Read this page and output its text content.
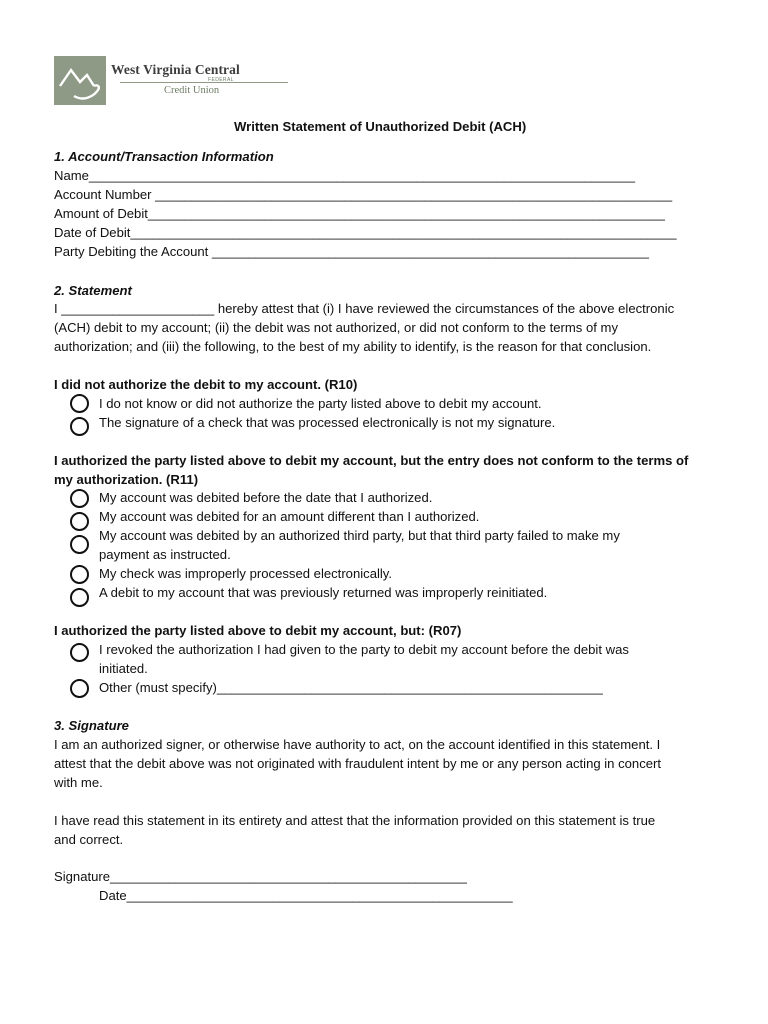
West Virginia Central
FEDERAL
Credit Union
Written Statement of Unauthorized Debit (ACH)
1. Account/Transaction Information
Name___________________________________________________________________________
Account Number _______________________________________________________________________
Amount of Debit_______________________________________________________________________
Date of Debit___________________________________________________________________________
Party Debiting the Account ____________________________________________________________
2. Statement
I _____________________ hereby attest that (i) I have reviewed the circumstances of the above electronic
(ACH) debit to my account; (ii) the debit was not authorized, or did not conform to the terms of my
authorization; and (iii) the following, to the best of my ability to identify, is the reason for that conclusion.
I did not authorize the debit to my account. (R10)
I do not know or did not authorize the party listed above to debit my account.
The signature of a check that was processed electronically is not my signature.
I authorized the party listed above to debit my account, but the entry does not conform to the terms of
my authorization. (R11)
My account was debited before the date that I authorized.
My account was debited for an amount different than I authorized.
My account was debited by an authorized third party, but that third party failed to make my
payment as instructed.
My check was improperly processed electronically.
A debit to my account that was previously returned was improperly reinitiated.
I authorized the party listed above to debit my account, but: (R07)
I revoked the authorization I had given to the party to debit my account before the debit was
initiated.
Other (must specify)_____________________________________________________
3. Signature
I am an authorized signer, or otherwise have authority to act, on the account identified in this statement. I
attest that the debit above was not originated with fraudulent intent by me or any person acting in concert
with me.
I have read this statement in its entirety and attest that the information provided on this statement is true
and correct.
Signature_________________________________________________
Date_____________________________________________________
